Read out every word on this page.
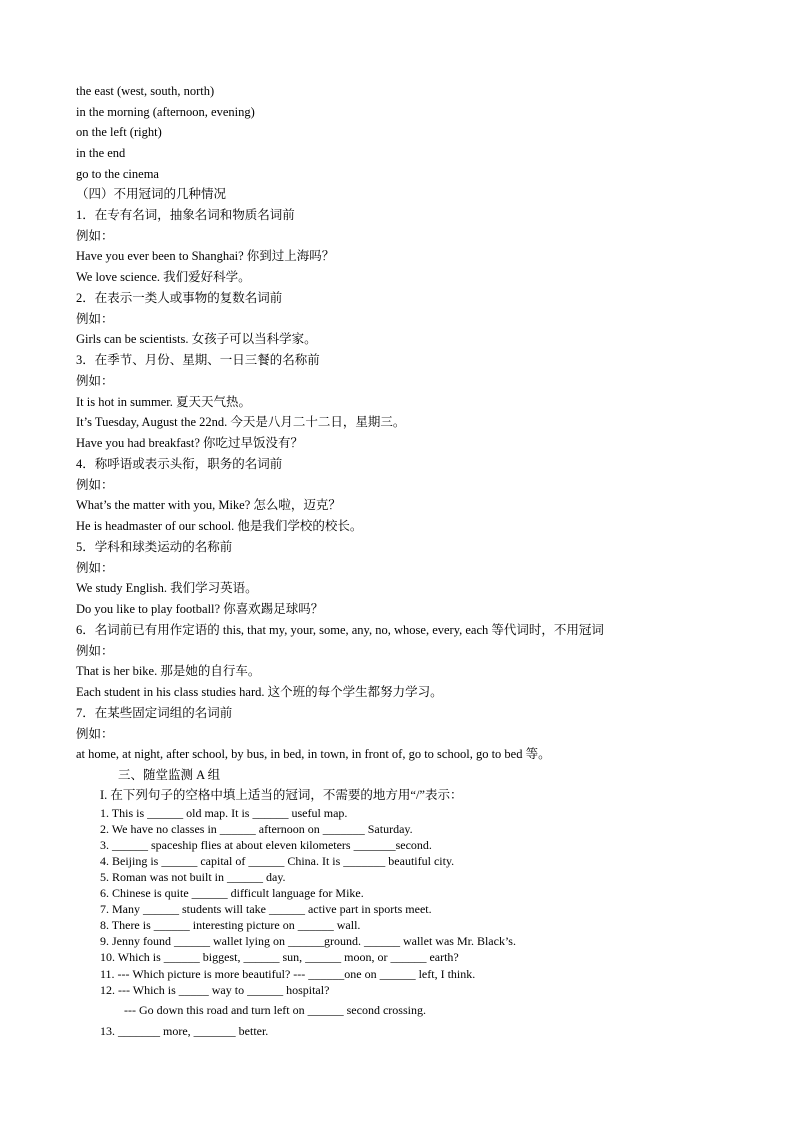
the east (west, south, north)
in the morning (afternoon, evening)
on the left (right)
in the end
go to the cinema
（四）不用冠词的几种情况
1．在专有名词，抽象名词和物质名词前
例如：
Have you ever been to Shanghai? 你到过上海吗？
We love science. 我们爱好科学。
2．在表示一类人或事物的复数名词前
例如：
Girls can be scientists. 女孩子可以当科学家。
3．在季节、月份、星期、一日三餐的名称前
例如：
It is hot in summer. 夏天天气热。
It’s Tuesday, August the 22nd. 今天是八月二十二日，星期三。
Have you had breakfast? 你吃过早饭没有？
4．称呼语或表示头衔，职务的名词前
例如：
What’s the matter with you, Mike? 怎么啦，迈克？
He is headmaster of our school. 他是我们学校的校长。
5．学科和球类运动的名称前
例如：
We study English. 我们学习英语。
Do you like to play football? 你喜欢踢足球吗？
6．名词前已有用作定语的 this, that my, your, some, any, no, whose, every, each 等代词时，不用冠词
例如：
That is her bike. 那是她的自行车。
Each student in his class studies hard. 这个班的每个学生都努力学习。
7．在某些固定词组的名词前
例如：
at home, at night, after school, by bus, in bed, in town, in front of, go to school, go to bed 等。
三、随堂监测 A 组
I. 在下列句子的空格中填上适当的冠词，不需要的地方用“/”表示：
1. This is ______ old map. It is ______ useful map.
2. We have no classes in ______ afternoon on _______ Saturday.
3. ______ spaceship flies at about eleven kilometers _______second.
4. Beijing is ______ capital of ______ China. It is _______ beautiful city.
5. Roman was not built in ______ day.
6. Chinese is quite ______ difficult language for Mike.
7. Many ______ students will take ______ active part in sports meet.
8. There is ______ interesting picture on ______ wall.
9. Jenny found ______ wallet lying on ______ground. ______ wallet was Mr. Black’s.
10. Which is ______ biggest, ______ sun, ______ moon, or ______ earth?
11. --- Which picture is more beautiful? --- ______one on ______ left, I think.
12. --- Which is _____ way to ______ hospital?
--- Go down this road and turn left on ______ second crossing.
13. _______ more, _______ better.
